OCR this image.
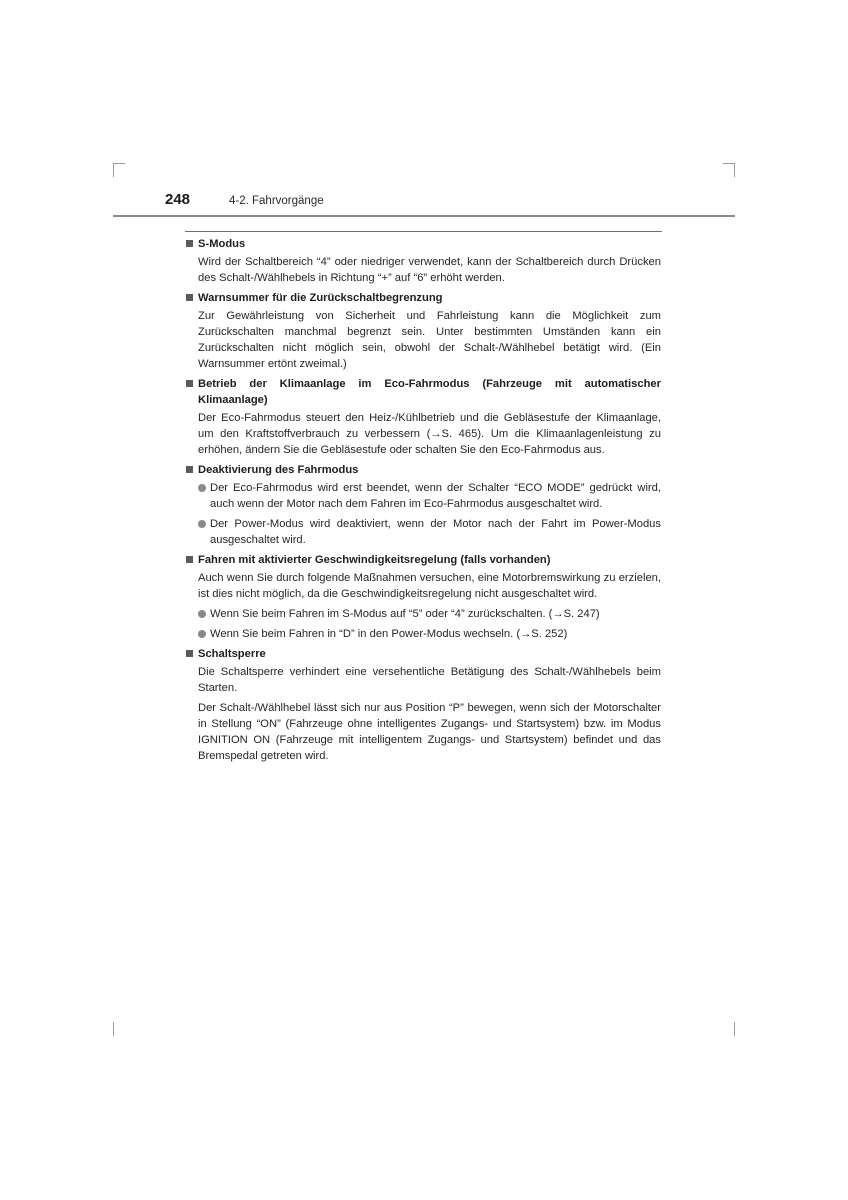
248	4-2. Fahrvorgänge
S-Modus

Wird der Schaltbereich “4” oder niedriger verwendet, kann der Schaltbereich durch Drücken des Schalt-/Wählhebels in Richtung “+” auf “6” erhöht werden.

Warnsummer für die Zurückschaltbegrenzung

Zur Gewährleistung von Sicherheit und Fahrleistung kann die Möglichkeit zum Zurückschalten manchmal begrenzt sein. Unter bestimmten Umständen kann ein Zurückschalten nicht möglich sein, obwohl der Schalt-/Wählhebel betätigt wird. (Ein Warnsummer ertönt zweimal.)

Betrieb der Klimaanlage im Eco-Fahrmodus (Fahrzeuge mit automatischer Klimaanlage)

Der Eco-Fahrmodus steuert den Heiz-/Kühlbetrieb und die Gebläsestufe der Klimaanlage, um den Kraftstoffverbrauch zu verbessern (→S. 465). Um die Klimaanlagenleistung zu erhöhen, ändern Sie die Gebläsestufe oder schalten Sie den Eco-Fahrmodus aus.

Deaktivierung des Fahrmodus
Der Eco-Fahrmodus wird erst beendet, wenn der Schalter “ECO MODE” gedrückt wird, auch wenn der Motor nach dem Fahren im Eco-Fahrmodus ausgeschaltet wird.
Der Power-Modus wird deaktiviert, wenn der Motor nach der Fahrt im Power-Modus ausgeschaltet wird.
Fahren mit aktivierter Geschwindigkeitsregelung (falls vorhanden)

Auch wenn Sie durch folgende Maßnahmen versuchen, eine Motorbremswirkung zu erzielen, ist dies nicht möglich, da die Geschwindigkeitsregelung nicht ausgeschaltet wird.

Wenn Sie beim Fahren im S-Modus auf “5” oder “4” zurückschalten. (→S. 247)
Wenn Sie beim Fahren in “D” in den Power-Modus wechseln. (→S. 252)
Schaltsperre

Die Schaltsperre verhindert eine versehentliche Betätigung des Schalt-/Wählhebels beim Starten.

Der Schalt-/Wählhebel lässt sich nur aus Position “P” bewegen, wenn sich der Motorschalter in Stellung “ON” (Fahrzeuge ohne intelligentes Zugangs- und Startsystem) bzw. im Modus IGNITION ON (Fahrzeuge mit intelligentem Zugangs- und Startsystem) befindet und das Bremspedal getreten wird.
